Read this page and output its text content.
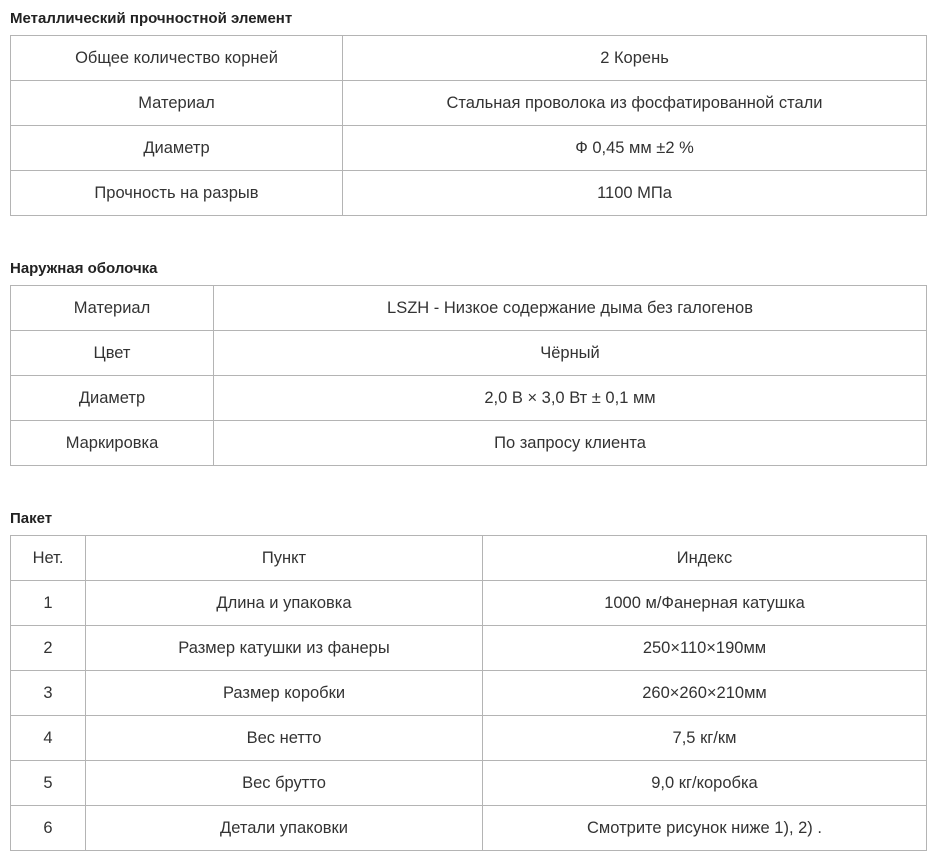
Металлический прочностной элемент
Общее количество корней	2 Корень
Материал	Стальная проволока из фосфатированной стали
Диаметр	Ф 0,45 мм ±2 %
Прочность на разрыв	1100 МПа
Наружная оболочка
Материал	LSZH - Низкое содержание дыма без галогенов
Цвет	Чёрный
Диаметр	2,0 В × 3,0 Вт ± 0,1 мм
Маркировка	По запросу клиента
Пакет
Нет.	Пункт	Индекс
1	Длина и упаковка	1000 м/Фанерная катушка
2	Размер катушки из фанеры	250×110×190мм
3	Размер коробки	260×260×210мм
4	Вес нетто	7,5 кг/км
5	Вес брутто	9,0 кг/коробка
6	Детали упаковки	Смотрите рисунок ниже 1), 2) .
